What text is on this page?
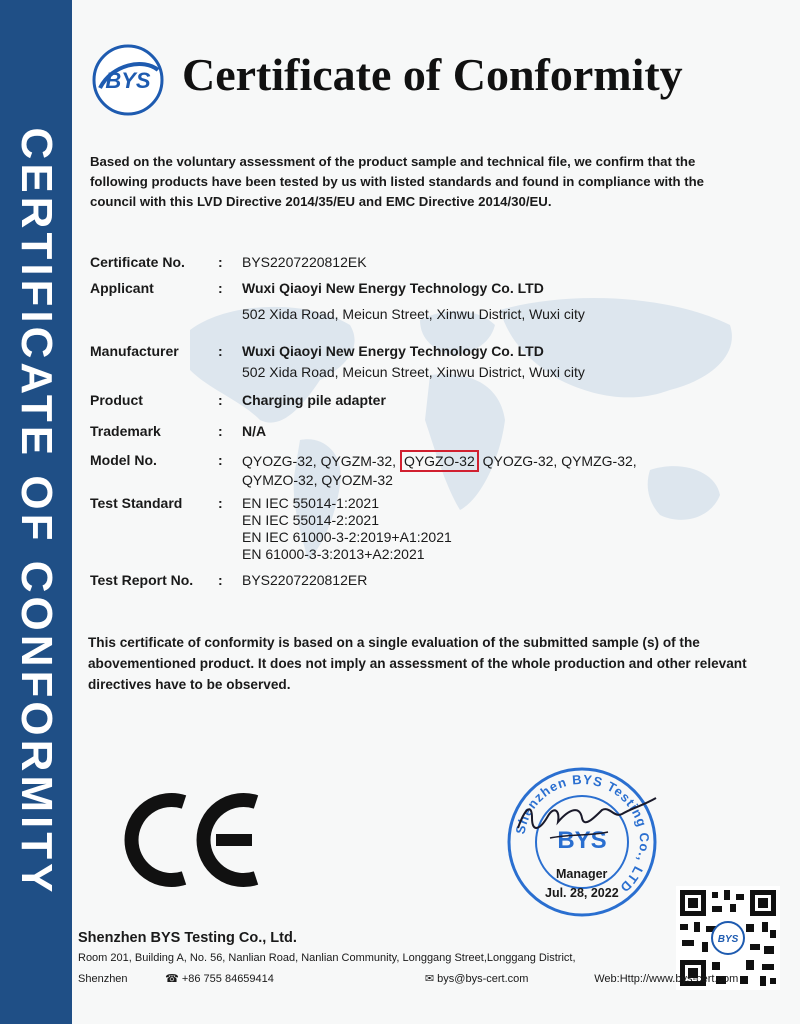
CERTIFICATE OF CONFORMITY
BYS Certificate of Conformity
Based on the voluntary assessment of the product sample and technical file, we confirm that the following products have been tested by us with listed standards and found in compliance with the council with this LVD Directive 2014/35/EU and EMC Directive 2014/30/EU.
Certificate No.	: BYS2207220812EK
Applicant	: Wuxi Qiaoyi New Energy Technology Co. LTD
502 Xida Road, Meicun Street, Xinwu District, Wuxi city
Manufacturer	: Wuxi Qiaoyi New Energy Technology Co. LTD
502 Xida Road, Meicun Street, Xinwu District, Wuxi city
Product	: Charging pile adapter
Trademark	: N/A
Model No.	: QYOZG-32, QYGZM-32, QYGZO-32 QYOZG-32, QYMZG-32,
QYMZO-32, QYOZM-32
Test Standard	: EN IEC 55014-1:2021
EN IEC 55014-2:2021
EN IEC 61000-3-2:2019+A1:2021
EN 61000-3-3:2013+A2:2021
Test Report No.	: BYS2207220812ER
This certificate of conformity is based on a single evaluation of the submitted sample (s) of the abovementioned product. It does not imply an assessment of the whole production and other relevant directives have to be observed.
Shenzhen BYS Testing Co., LTD
BYS
Manager
Jul. 28, 2022
BYS
Shenzhen BYS Testing Co., Ltd.
Room 201, Building A, No. 56, Nanlian Road, Nanlian Community, Longgang Street,Longgang District,
Shenzhen	☎ +86 755 84659414	✉ bys@bys-cert.com	Web:Http://www.bys-cert.com
